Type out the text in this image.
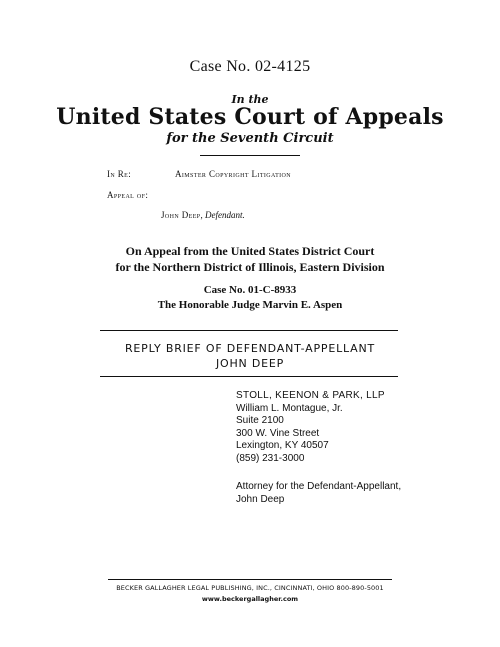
Case No. 02-4125
In the
United States Court of Appeals
for the Seventh Circuit
In Re:	Aimster Copyright Litigation
Appeal of:
John Deep, Defendant.
On Appeal from the United States District Court
for the Northern District of Illinois, Eastern Division
Case No. 01-C-8933
The Honorable Judge Marvin E. Aspen
REPLY BRIEF OF DEFENDANT-APPELLANT
JOHN DEEP
STOLL, KEENON & PARK, LLP
William L. Montague, Jr.
Suite 2100
300 W. Vine Street
Lexington, KY 40507
(859) 231-3000
Attorney for the Defendant-Appellant,
John Deep
BECKER GALLAGHER LEGAL PUBLISHING, INC., CINCINNATI, OHIO 800-890-5001
www.beckergallagher.com
